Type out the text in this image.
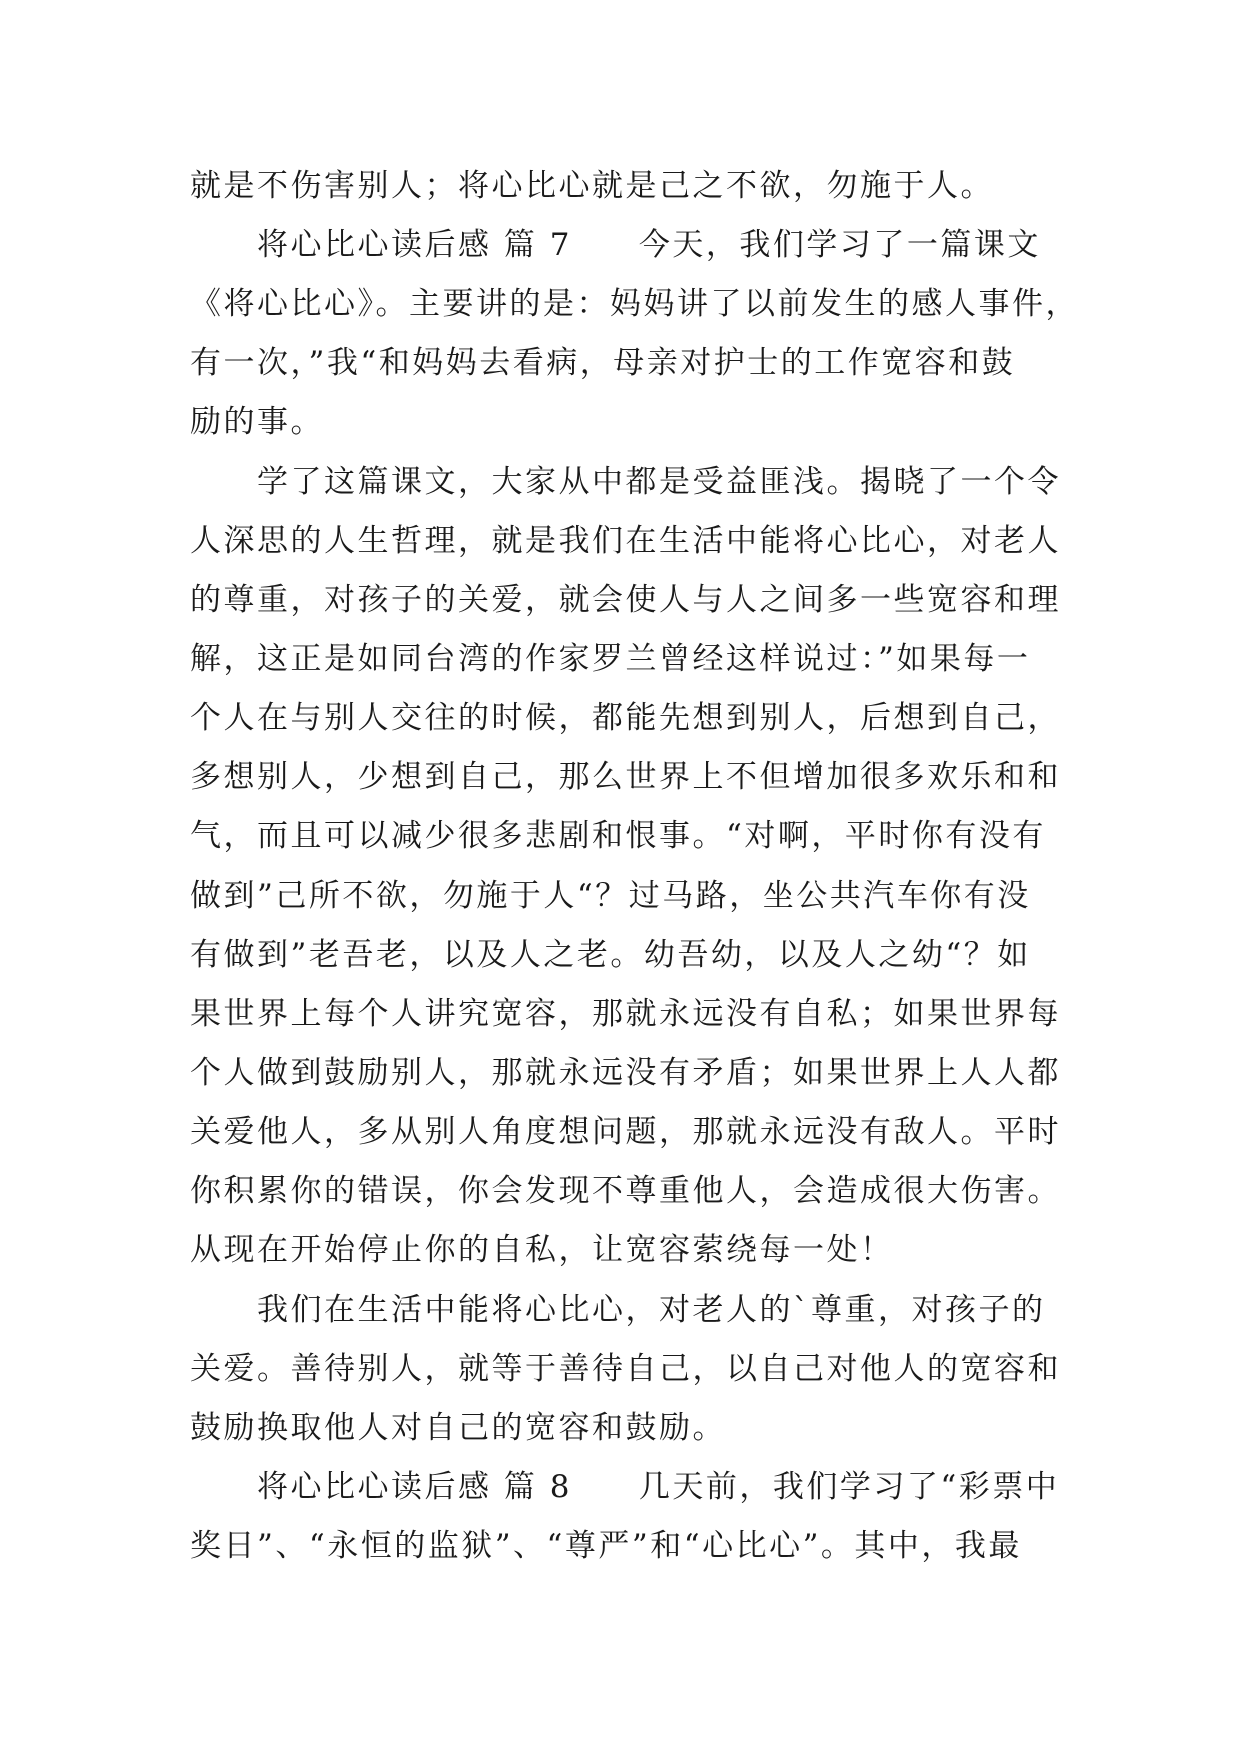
就是不伤害别人；将心比心就是己之不欲，勿施于人。
　　将心比心读后感 篇 7　　今天，我们学习了一篇课文
《将心比心》。主要讲的是：妈妈讲了以前发生的感人事件，
有一次，”我“和妈妈去看病，母亲对护士的工作宽容和鼓
励的事。
　　学了这篇课文，大家从中都是受益匪浅。揭晓了一个令
人深思的人生哲理，就是我们在生活中能将心比心，对老人
的尊重，对孩子的关爱，就会使人与人之间多一些宽容和理
解，这正是如同台湾的作家罗兰曾经这样说过：”如果每一
个人在与别人交往的时候，都能先想到别人，后想到自己，
多想别人，少想到自己，那么世界上不但增加很多欢乐和和
气，而且可以减少很多悲剧和恨事。“对啊，平时你有没有
做到”己所不欲，勿施于人“？过马路，坐公共汽车你有没
有做到”老吾老，以及人之老。幼吾幼，以及人之幼“？如
果世界上每个人讲究宽容，那就永远没有自私；如果世界每
个人做到鼓励别人，那就永远没有矛盾；如果世界上人人都
关爱他人，多从别人角度想问题，那就永远没有敌人。平时
你积累你的错误，你会发现不尊重他人，会造成很大伤害。
从现在开始停止你的自私，让宽容萦绕每一处！
　　我们在生活中能将心比心，对老人的`尊重，对孩子的
关爱。善待别人，就等于善待自己，以自己对他人的宽容和
鼓励换取他人对自己的宽容和鼓励。
　　将心比心读后感 篇 8　　几天前，我们学习了“彩票中
奖日”、“永恒的监狱”、“尊严”和“心比心”。其中，我最
